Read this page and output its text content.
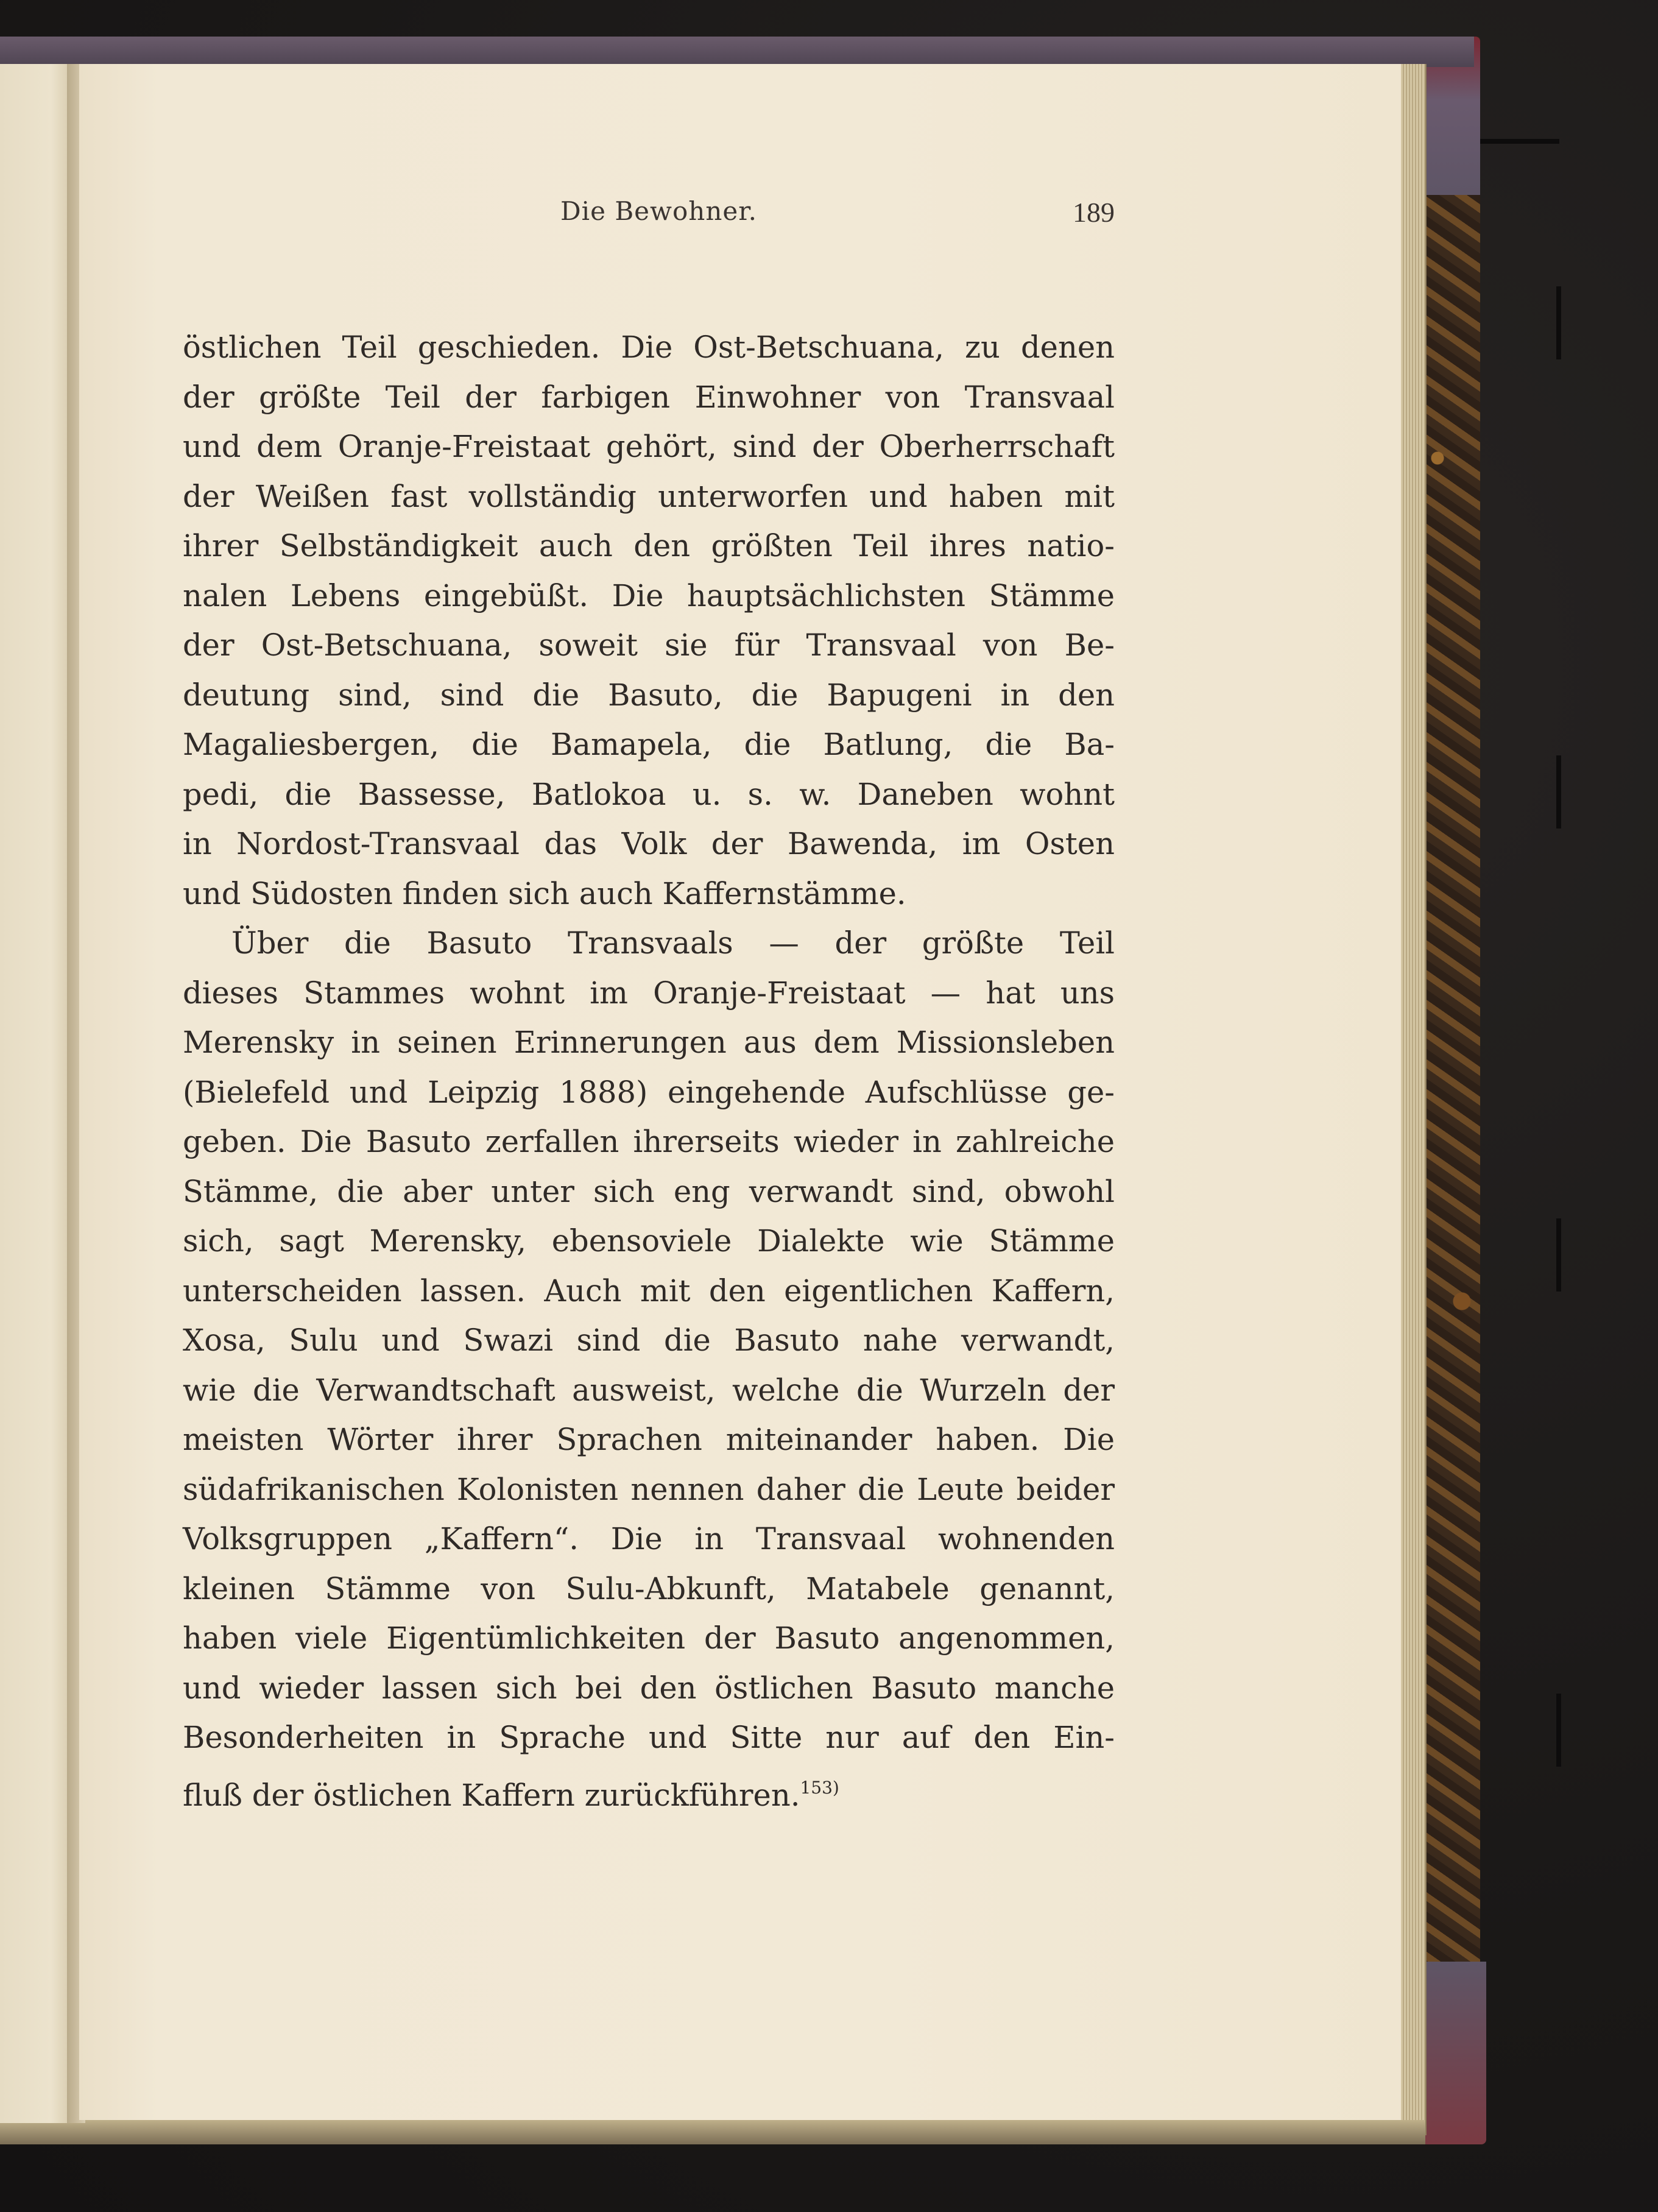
Die Bewohner.	189
östlichen Teil geschieden. Die Ost-Betschuana, zu denen
der größte Teil der farbigen Einwohner von Transvaal
und dem Oranje-Freistaat gehört, sind der Oberherrschaft
der Weißen fast vollständig unterworfen und haben mit
ihrer Selbständigkeit auch den größten Teil ihres natio-
nalen Lebens eingebüßt. Die hauptsächlichsten Stämme
der Ost-Betschuana, soweit sie für Transvaal von Be-
deutung sind, sind die Basuto, die Bapugeni in den
Magaliesbergen, die Bamapela, die Batlung, die Ba-
pedi, die Bassesse, Batlokoa u. s. w. Daneben wohnt
in Nordost-Transvaal das Volk der Bawenda, im Osten
und Südosten finden sich auch Kaffernstämme.
Über die Basuto Transvaals — der größte Teil
dieses Stammes wohnt im Oranje-Freistaat — hat uns
Merensky in seinen Erinnerungen aus dem Missionsleben
(Bielefeld und Leipzig 1888) eingehende Aufschlüsse ge-
geben. Die Basuto zerfallen ihrerseits wieder in zahlreiche
Stämme, die aber unter sich eng verwandt sind, obwohl
sich, sagt Merensky, ebensoviele Dialekte wie Stämme
unterscheiden lassen. Auch mit den eigentlichen Kaffern,
Xosa, Sulu und Swazi sind die Basuto nahe verwandt,
wie die Verwandtschaft ausweist, welche die Wurzeln der
meisten Wörter ihrer Sprachen miteinander haben. Die
südafrikanischen Kolonisten nennen daher die Leute beider
Volksgruppen „Kaffern“. Die in Transvaal wohnenden
kleinen Stämme von Sulu-Abkunft, Matabele genannt,
haben viele Eigentümlichkeiten der Basuto angenommen,
und wieder lassen sich bei den östlichen Basuto manche
Besonderheiten in Sprache und Sitte nur auf den Ein-
fluß der östlichen Kaffern zurückführen.$^{153)}$
